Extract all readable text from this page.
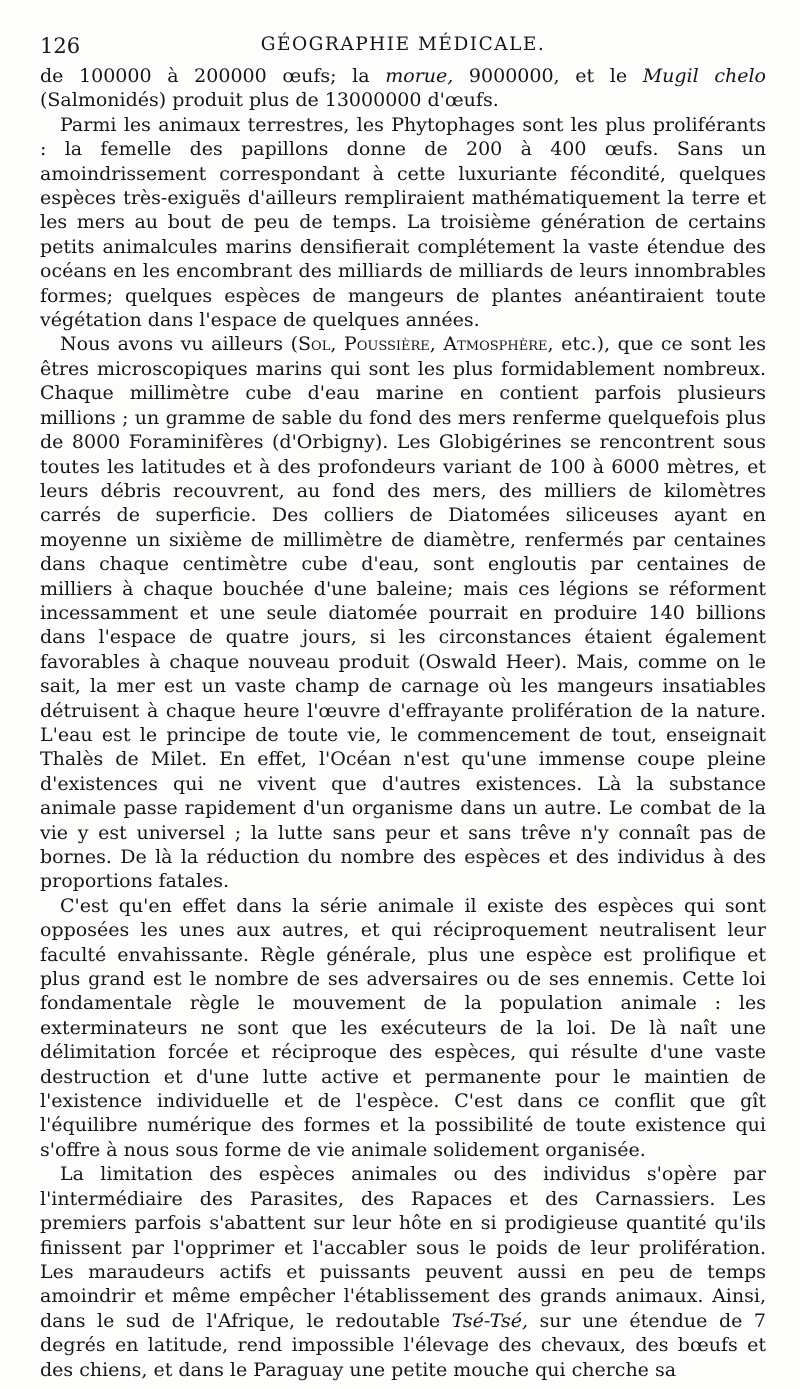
126	GÉOGRAPHIE MÉDICALE.

de 100000 à 200000 œufs; la morue, 9000000, et le Mugil chelo (Salmonidés) produit plus de 13000000 d'œufs.

Parmi les animaux terrestres, les Phytophages sont les plus proliférants : la femelle des papillons donne de 200 à 400 œufs. Sans un amoindrissement correspondant à cette luxuriante fécondité, quelques espèces très-exiguës d'ailleurs rempliraient mathématiquement la terre et les mers au bout de peu de temps. La troisième génération de certains petits animalcules marins densifierait complétement la vaste étendue des océans en les encombrant des milliards de milliards de leurs innombrables formes; quelques espèces de mangeurs de plantes anéantiraient toute végétation dans l'espace de quelques années.

Nous avons vu ailleurs (Sol, Poussière, Atmosphère, etc.), que ce sont les êtres microscopiques marins qui sont les plus formidablement nombreux. Chaque millimètre cube d'eau marine en contient parfois plusieurs millions ; un gramme de sable du fond des mers renferme quelquefois plus de 8000 Foraminifères (d'Orbigny). Les Globigérines se rencontrent sous toutes les latitudes et à des profondeurs variant de 100 à 6000 mètres, et leurs débris recouvrent, au fond des mers, des milliers de kilomètres carrés de superficie. Des colliers de Diatomées siliceuses ayant en moyenne un sixième de millimètre de diamètre, renfermés par centaines dans chaque centimètre cube d'eau, sont engloutis par centaines de milliers à chaque bouchée d'une baleine; mais ces légions se réforment incessamment et une seule diatomée pourrait en produire 140 billions dans l'espace de quatre jours, si les circonstances étaient également favorables à chaque nouveau produit (Oswald Heer). Mais, comme on le sait, la mer est un vaste champ de carnage où les mangeurs insatiables détruisent à chaque heure l'œuvre d'effrayante prolifération de la nature. L'eau est le principe de toute vie, le commencement de tout, enseignait Thalès de Milet. En effet, l'Océan n'est qu'une immense coupe pleine d'existences qui ne vivent que d'autres existences. Là la substance animale passe rapidement d'un organisme dans un autre. Le combat de la vie y est universel ; la lutte sans peur et sans trêve n'y connaît pas de bornes. De là la réduction du nombre des espèces et des individus à des proportions fatales.

C'est qu'en effet dans la série animale il existe des espèces qui sont opposées les unes aux autres, et qui réciproquement neutralisent leur faculté envahissante. Règle générale, plus une espèce est prolifique et plus grand est le nombre de ses adversaires ou de ses ennemis. Cette loi fondamentale règle le mouvement de la population animale : les exterminateurs ne sont que les exécuteurs de la loi. De là naît une délimitation forcée et réciproque des espèces, qui résulte d'une vaste destruction et d'une lutte active et permanente pour le maintien de l'existence individuelle et de l'espèce. C'est dans ce conflit que gît l'équilibre numérique des formes et la possibilité de toute existence qui s'offre à nous sous forme de vie animale solidement organisée.

La limitation des espèces animales ou des individus s'opère par l'intermédiaire des Parasites, des Rapaces et des Carnassiers. Les premiers parfois s'abattent sur leur hôte en si prodigieuse quantité qu'ils finissent par l'opprimer et l'accabler sous le poids de leur prolifération. Les maraudeurs actifs et puissants peuvent aussi en peu de temps amoindrir et même empêcher l'établissement des grands animaux. Ainsi, dans le sud de l'Afrique, le redoutable Tsé-Tsé, sur une étendue de 7 degrés en latitude, rend impossible l'élevage des chevaux, des bœufs et des chiens, et dans le Paraguay une petite mouche qui cherche sa
